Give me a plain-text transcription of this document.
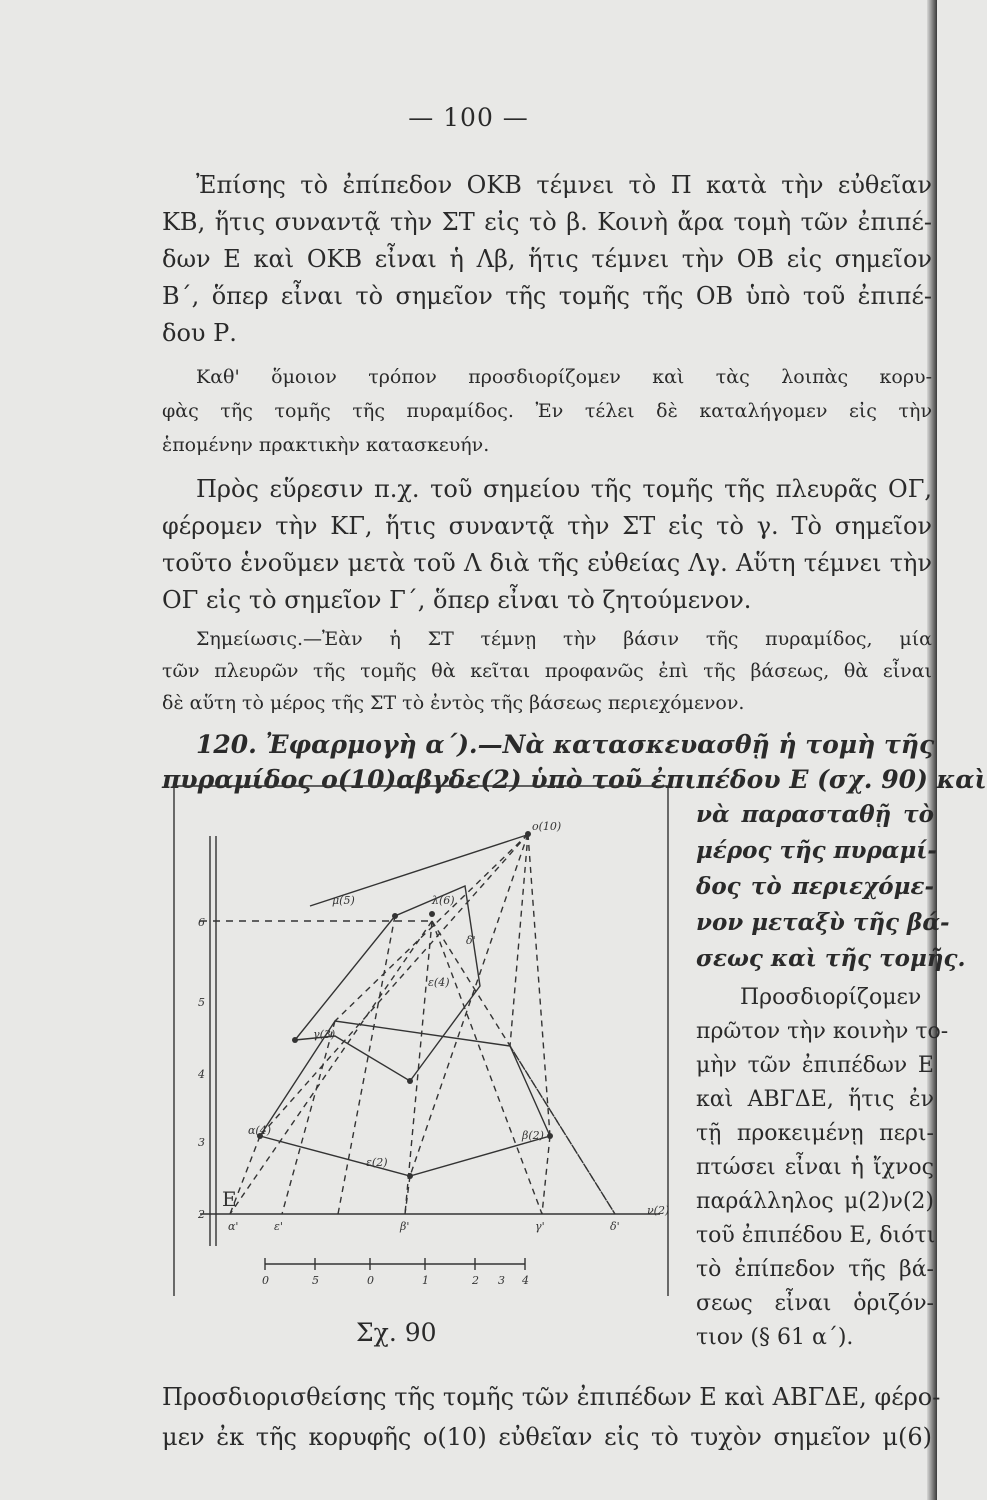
— 100 —
Ἐπίσης τὸ ἐπίπεδον ΟΚΒ τέμνει τὸ Π κατὰ τὴν εὐθεῖαν
ΚΒ, ἥτις συναντᾷ τὴν ΣΤ εἰς τὸ β. Κοινὴ ἄρα τομὴ τῶν ἐπιπέ-
δων Ε καὶ ΟΚΒ εἶναι ἡ Λβ, ἥτις τέμνει τὴν ΟΒ εἰς σημεῖον
Β΄, ὅπερ εἶναι τὸ σημεῖον τῆς τομῆς τῆς ΟΒ ὑπὸ τοῦ ἐπιπέ-
δου Ρ.
Καθ' ὅμοιον τρόπον προσδιορίζομεν καὶ τὰς λοιπὰς κορυ-
φὰς τῆς τομῆς τῆς πυραμίδος. Ἐν τέλει δὲ καταλήγομεν εἰς τὴν
ἑπομένην πρακτικὴν κατασκευήν.
Πρὸς εὕρεσιν π.χ. τοῦ σημείου τῆς τομῆς τῆς πλευρᾶς ΟΓ,
φέρομεν τὴν ΚΓ, ἥτις συναντᾷ τὴν ΣΤ εἰς τὸ γ. Τὸ σημεῖον
τοῦτο ἑνοῦμεν μετὰ τοῦ Λ διὰ τῆς εὐθείας Λγ. Αὕτη τέμνει τὴν
ΟΓ εἰς τὸ σημεῖον Γ΄, ὅπερ εἶναι τὸ ζητούμενον.
Σημείωσις.—Ἐὰν ἡ ΣΤ τέμνῃ τὴν βάσιν τῆς πυραμίδος, μία
τῶν πλευρῶν τῆς τομῆς θὰ κεῖται προφανῶς ἐπὶ τῆς βάσεως, θὰ εἶναι
δὲ αὕτη τὸ μέρος τῆς ΣΤ τὸ ἐντὸς τῆς βάσεως περιεχόμενον.
120. Ἐφαρμογὴ α΄).—Νὰ κατασκευασθῇ ἡ τομὴ τῆς
πυραμίδος ο(10)αβγδε(2) ὑπὸ τοῦ ἐπιπέδου Ε (σχ. 90) καὶ
νὰ παρασταθῇ τὸ
μέρος τῆς πυραμί-
δος τὸ περιεχόμε-
νον μεταξὺ τῆς βά-
σεως καὶ τῆς τομῆς.
Προσδιορίζομεν
πρῶτον τὴν κοινὴν το-
μὴν τῶν ἐπιπέδων Ε
καὶ ΑΒΓΔΕ, ἥτις ἐν
τῇ προκειμένῃ περι-
πτώσει εἶναι ἡ ἴχνος
παράλληλος μ(2)ν(2)
τοῦ ἐπιπέδου Ε, διότι
τὸ ἐπίπεδον τῆς βά-
σεως εἶναι ὁριζόν-
τιον (§ 61 α΄).
ο(10)
λ(6)
μ(5)
δ'
ε(4)
γ(3)
α(4)
ε(2)
β(2)
ν(2)
Ε
α'	ε'	β'	γ'	δ'
6
5
4
3
2
0	5	0	1	2 3 4
Σχ. 90
Προσδιορισθείσης τῆς τομῆς τῶν ἐπιπέδων Ε καὶ ΑΒΓΔΕ, φέρο-
μεν ἐκ τῆς κορυφῆς ο(10) εὐθεῖαν εἰς τὸ τυχὸν σημεῖον μ(6)
